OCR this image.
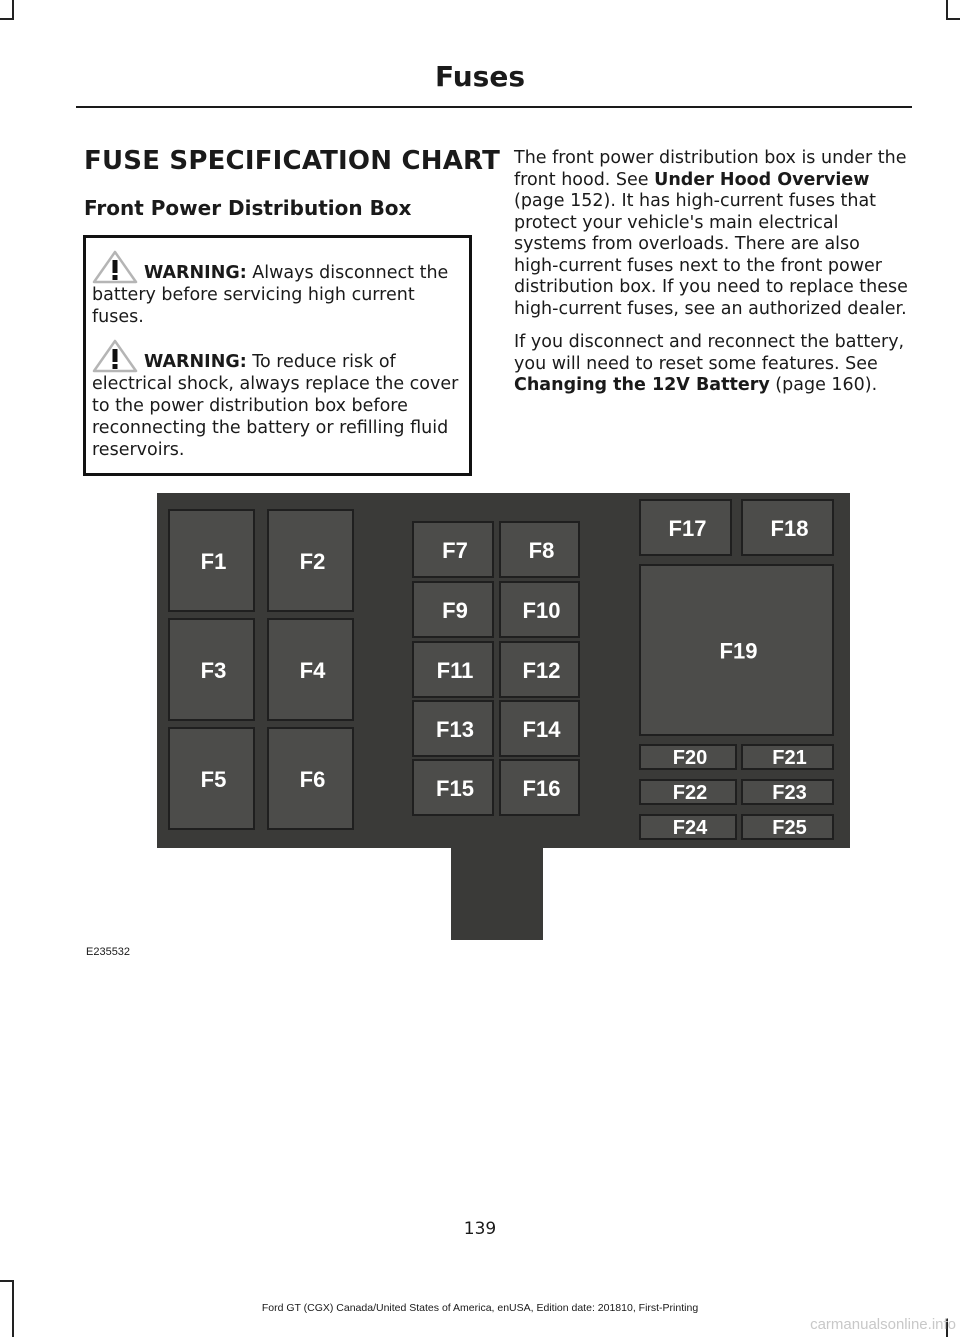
Fuses
FUSE SPECIFICATION CHART
Front Power Distribution Box
WARNING: Always disconnect the battery before servicing high current fuses.
WARNING: To reduce risk of electrical shock, always replace the cover to the power distribution box before reconnecting the battery or refilling fluid reservoirs.

The front power distribution box is under the front hood. See Under Hood Overview (page 152). It has high-current fuses that protect your vehicle's main electrical systems from overloads. There are also high-current fuses next to the front power distribution box. If you need to replace these high-current fuses, see an authorized dealer.

If you disconnect and reconnect the battery, you will need to reset some features. See Changing the 12V Battery (page 160).

F1	F2
F3	F4
F5	F6
F7	F8
F9 F10
F11 F12
F13 F14
F15 F16
F17	F18
F19
F20	F21
F22	F23
F24	F25
E235532
139
Ford GT (CGX) Canada/United States of America, enUSA, Edition date: 201810, First-Printing
carmanualsonline.info
